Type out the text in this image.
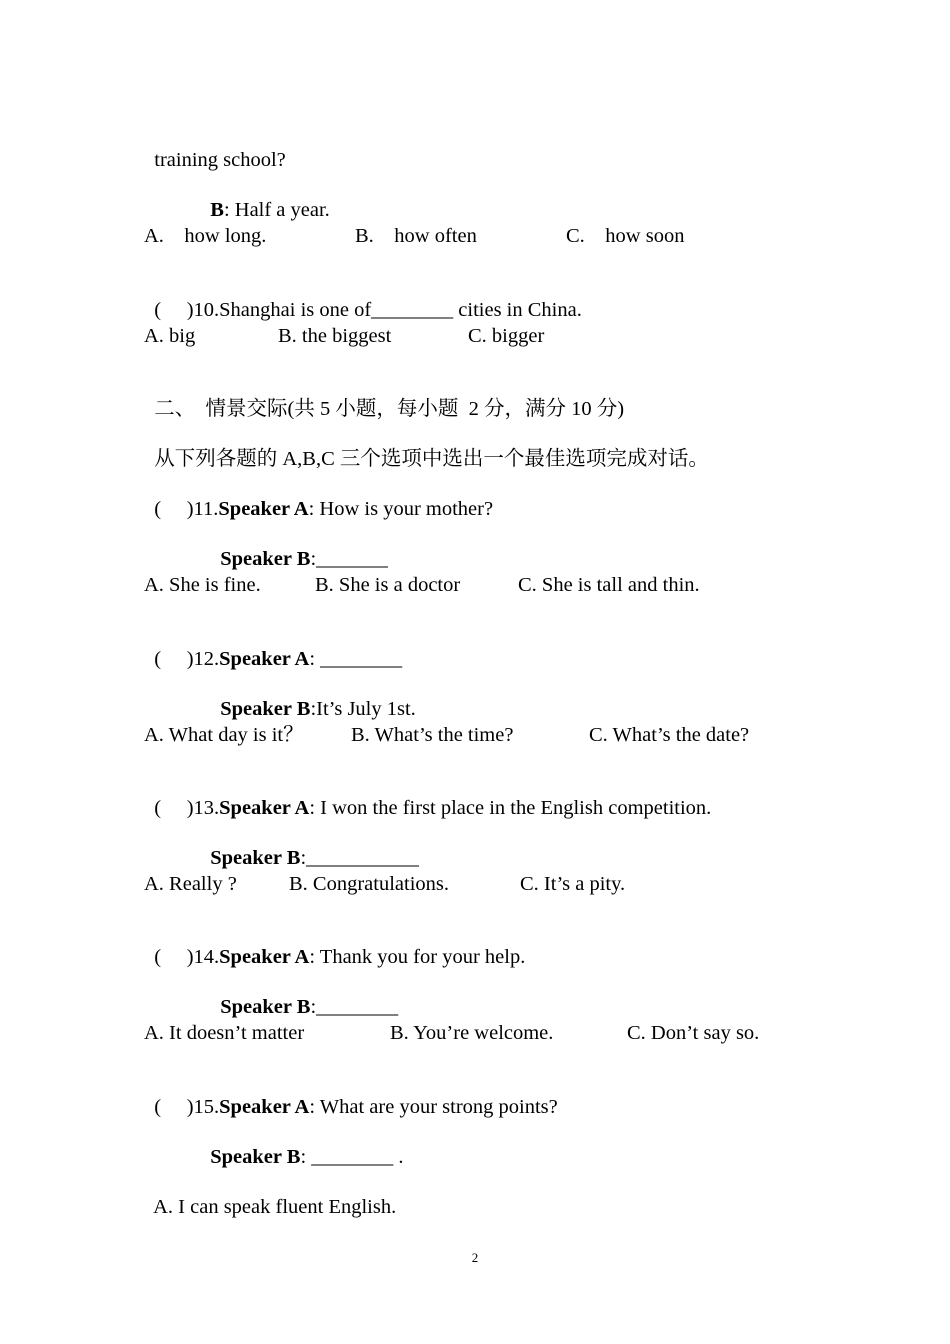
training school?

B: Half a year.

A.    how long.

	B.    how often

	C.    how soon

(     )10.Shanghai is one of________ cities in China.

A. big

	B. the biggest

	C. bigger

二、  情景交际(共 5 小题，每小题  2 分，满分 10 分)

从下列各题的 A,B,C 三个选项中选出一个最佳选项完成对话。

(     )11.Speaker A: How is your mother?

Speaker B:_______

A. She is fine.

	B. She is a doctor

	C. She is tall and thin.

(     )12.Speaker A: ________

Speaker B:It’s July 1st.

A. What day is it？

B. What’s the time?

	C. What’s the date?

(     )13.Speaker A: I won the first place in the English competition.

Speaker B:___________

A. Really ?

	B. Congratulations.

	C. It’s a pity.

(     )14.Speaker A: Thank you for your help.

Speaker B:________

A. It doesn’t matter

	B. You’re welcome.

	C. Don’t say so.

(     )15.Speaker A: What are your strong points?

Speaker B: ________ .

A. I can speak fluent English.

2
